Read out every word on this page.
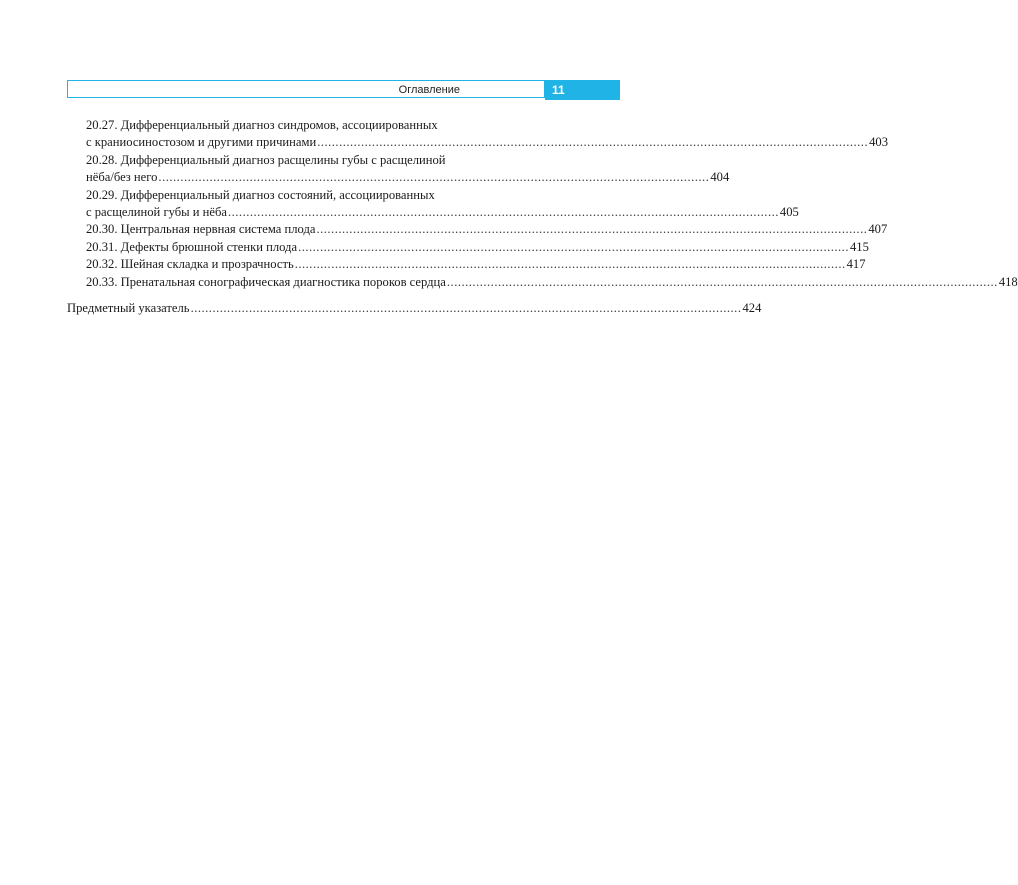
Оглавление	11
20.27. Дифференциальный диагноз синдромов, ассоциированных
с краниосиностозом и другими причинами ....................................................................................................................................................... 403
20.28. Дифференциальный диагноз расщелины губы с расщелиной
нёба/без него ....................................................................................................................................................... 404
20.29. Дифференциальный диагноз состояний, ассоциированных
с расщелиной губы и нёба ....................................................................................................................................................... 405
20.30. Центральная нервная система плода ....................................................................................................................................................... 407
20.31. Дефекты брюшной стенки плода ....................................................................................................................................................... 415
20.32. Шейная складка и прозрачность ....................................................................................................................................................... 417
20.33. Пренатальная сонографическая диагностика пороков сердца ....................................................................................................................................................... 418
Предметный указатель ....................................................................................................................................................... 424
